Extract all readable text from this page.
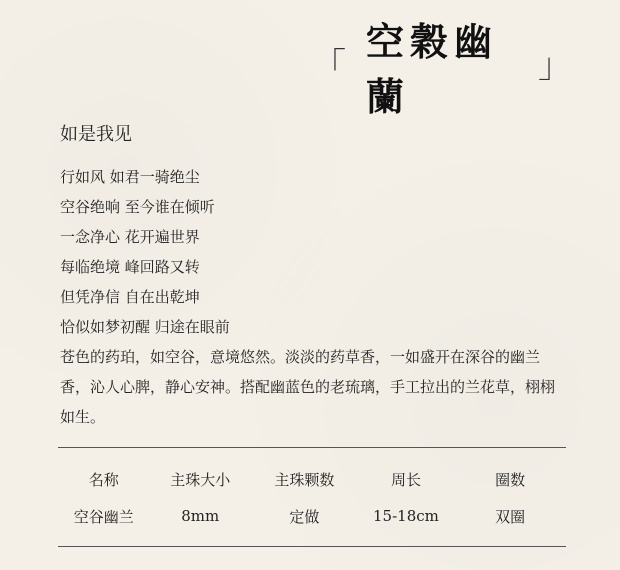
「
空穀幽蘭
」
如是我见
行如风 如君一骑绝尘
空谷绝响 至今谁在倾听
一念净心 花开遍世界
每临绝境 峰回路又转
但凭净信 自在出乾坤
恰似如梦初醒 归途在眼前

苍色的药珀，如空谷，意境悠然。淡淡的药草香，一如盛开在深谷的幽兰香，沁人心脾，静心安神。搭配幽蓝色的老琉璃，手工拉出的兰花草，栩栩如生。

名称	主珠大小	主珠颗数	周长	圈数
空谷幽兰	8mm	定做	15-18cm	双圈
